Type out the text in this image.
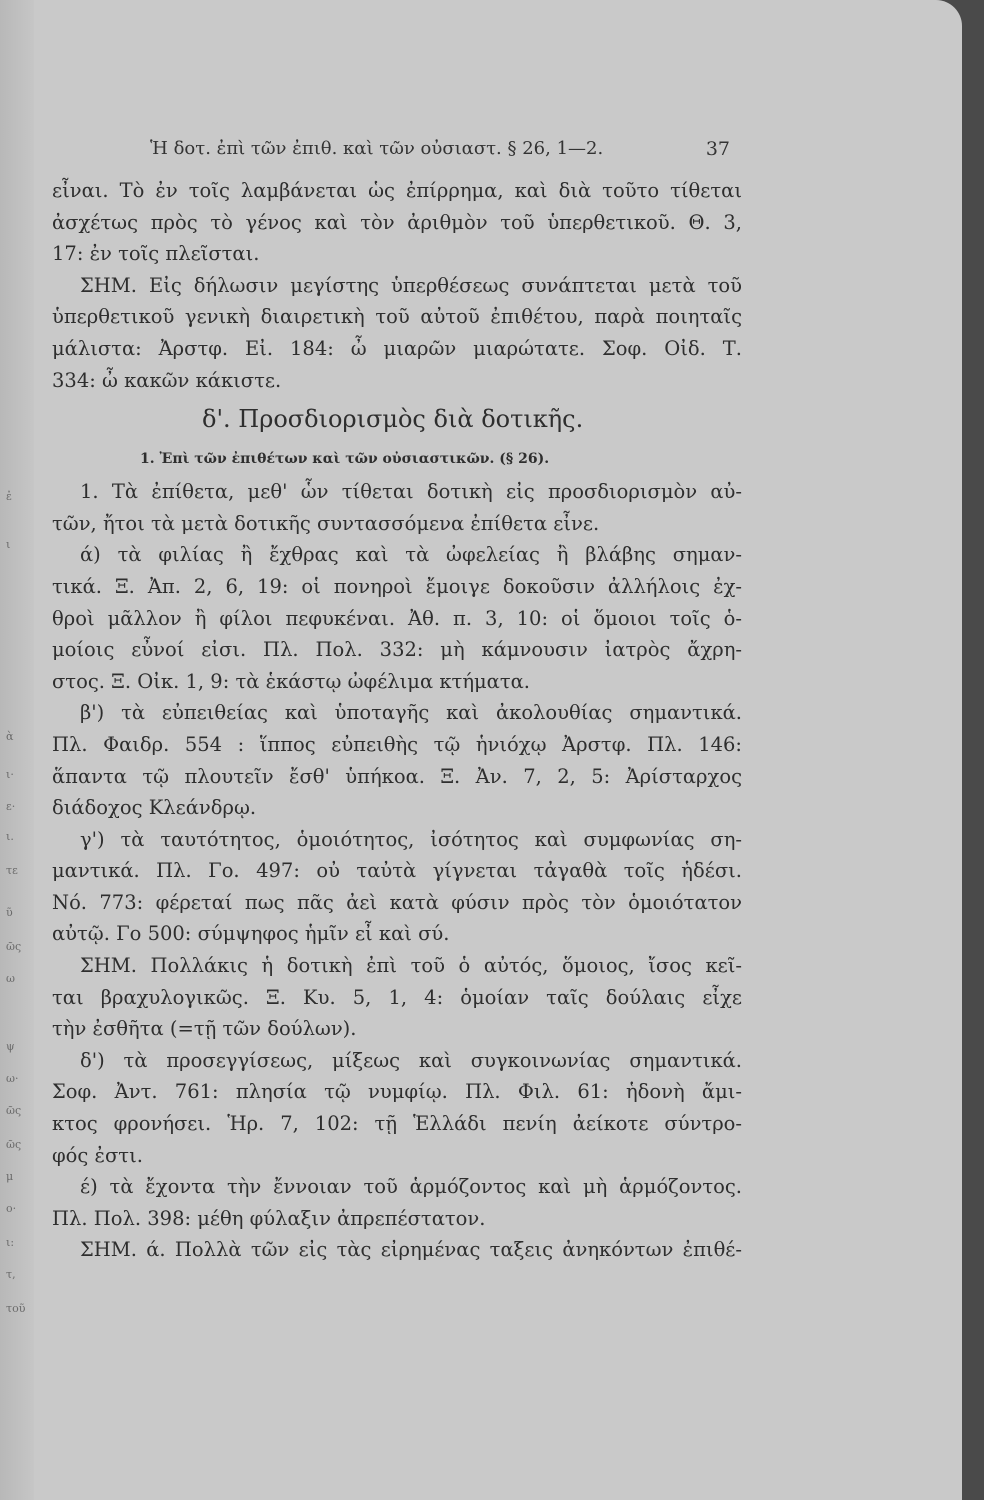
ἐ
ι
ὰ
ι·
ε·
ι.
τε
ῦ
ῶς
ω
ψ
ω·
ῶς
ῶς
μ
ο·
ι:
τ,
τοῦ
Ἡ δοτ. ἐπὶ τῶν ἐπιθ. καὶ τῶν οὐσιαστ. § 26, 1—2.	37
εἶναι. Τὸ ἐν τοῖς λαμβάνεται ὡς ἐπίρρημα, καὶ διὰ τοῦτο τίθεται
ἀσχέτως πρὸς τὸ γένος καὶ τὸν ἀριθμὸν τοῦ ὑπερθετικοῦ. Θ. 3,
17: ἐν τοῖς πλεῖσται.
ΣΗΜ. Εἰς δήλωσιν μεγίστης ὑπερθέσεως συνάπτεται μετὰ τοῦ
ὑπερθετικοῦ γενικὴ διαιρετικὴ τοῦ αὐτοῦ ἐπιθέτου, παρὰ ποιηταῖς
μάλιστα: Ἀρστφ. Εἰ. 184: ὦ μιαρῶν μιαρώτατε. Σοφ. Οἰδ. Τ.
334: ὦ κακῶν κάκιστε.
δ'. Προσδιορισμὸς διὰ δοτικῆς.
1. Ἐπὶ τῶν ἐπιθέτων καὶ τῶν οὐσιαστικῶν. (§ 26).
1. Τὰ ἐπίθετα, μεθ' ὧν τίθεται δοτικὴ εἰς προσδιορισμὸν αὐ-
τῶν, ἤτοι τὰ μετὰ δοτικῆς συντασσόμενα ἐπίθετα εἶνε.
ά) τὰ φιλίας ἢ ἔχθρας καὶ τὰ ὠφελείας ἢ βλάβης σημαν-
τικά. Ξ. Ἀπ. 2, 6, 19: οἱ πονηροὶ ἔμοιγε δοκοῦσιν ἀλλήλοις ἐχ-
θροὶ μᾶλλον ἢ φίλοι πεφυκέναι. Ἀθ. π. 3, 10: οἱ ὅμοιοι τοῖς ὁ-
μοίοις εὖνοί εἰσι. Πλ. Πολ. 332: μὴ κάμνουσιν ἰατρὸς ἄχρη-
στος. Ξ. Οἰκ. 1, 9: τὰ ἑκάστῳ ὠφέλιμα κτήματα.
β') τὰ εὐπειθείας καὶ ὑποταγῆς καὶ ἀκολουθίας σημαντικά.
Πλ. Φαιδρ. 554 : ἵππος εὐπειθὴς τῷ ἡνιόχῳ Ἀρστφ. Πλ. 146:
ἅπαντα τῷ πλουτεῖν ἔσθ' ὑπήκοα. Ξ. Ἀν. 7, 2, 5: Ἀρίσταρχος
διάδοχος Κλεάνδρῳ.
γ') τὰ ταυτότητος, ὁμοιότητος, ἰσότητος καὶ συμφωνίας ση-
μαντικά. Πλ. Γο. 497: οὐ ταὐτὰ γίγνεται τἀγαθὰ τοῖς ἡδέσι.
Νό. 773: φέρεταί πως πᾶς ἀεὶ κατὰ φύσιν πρὸς τὸν ὁμοιότατον
αὐτῷ. Γο 500: σύμψηφος ἡμῖν εἶ καὶ σύ.
ΣΗΜ. Πολλάκις ἡ δοτικὴ ἐπὶ τοῦ ὁ αὐτός, ὅμοιος, ἴσος κεῖ-
ται βραχυλογικῶς. Ξ. Κυ. 5, 1, 4: ὁμοίαν ταῖς δούλαις εἶχε
τὴν ἐσθῆτα (=τῇ τῶν δούλων).
δ') τὰ προσεγγίσεως, μίξεως καὶ συγκοινωνίας σημαντικά.
Σοφ. Ἀντ. 761: πλησία τῷ νυμφίῳ. Πλ. Φιλ. 61: ἡδονὴ ἄμι-
κτος φρονήσει. Ἡρ. 7, 102: τῇ Ἑλλάδι πενίη ἀείκοτε σύντρο-
φός ἐστι.
έ) τὰ ἔχοντα τὴν ἔννοιαν τοῦ ἁρμόζοντος καὶ μὴ ἁρμόζοντος.
Πλ. Πολ. 398: μέθη φύλαξιν ἀπρεπέστατον.
ΣΗΜ. ά. Πολλὰ τῶν εἰς τὰς εἰρημένας ταξεις ἀνηκόντων ἐπιθέ-
